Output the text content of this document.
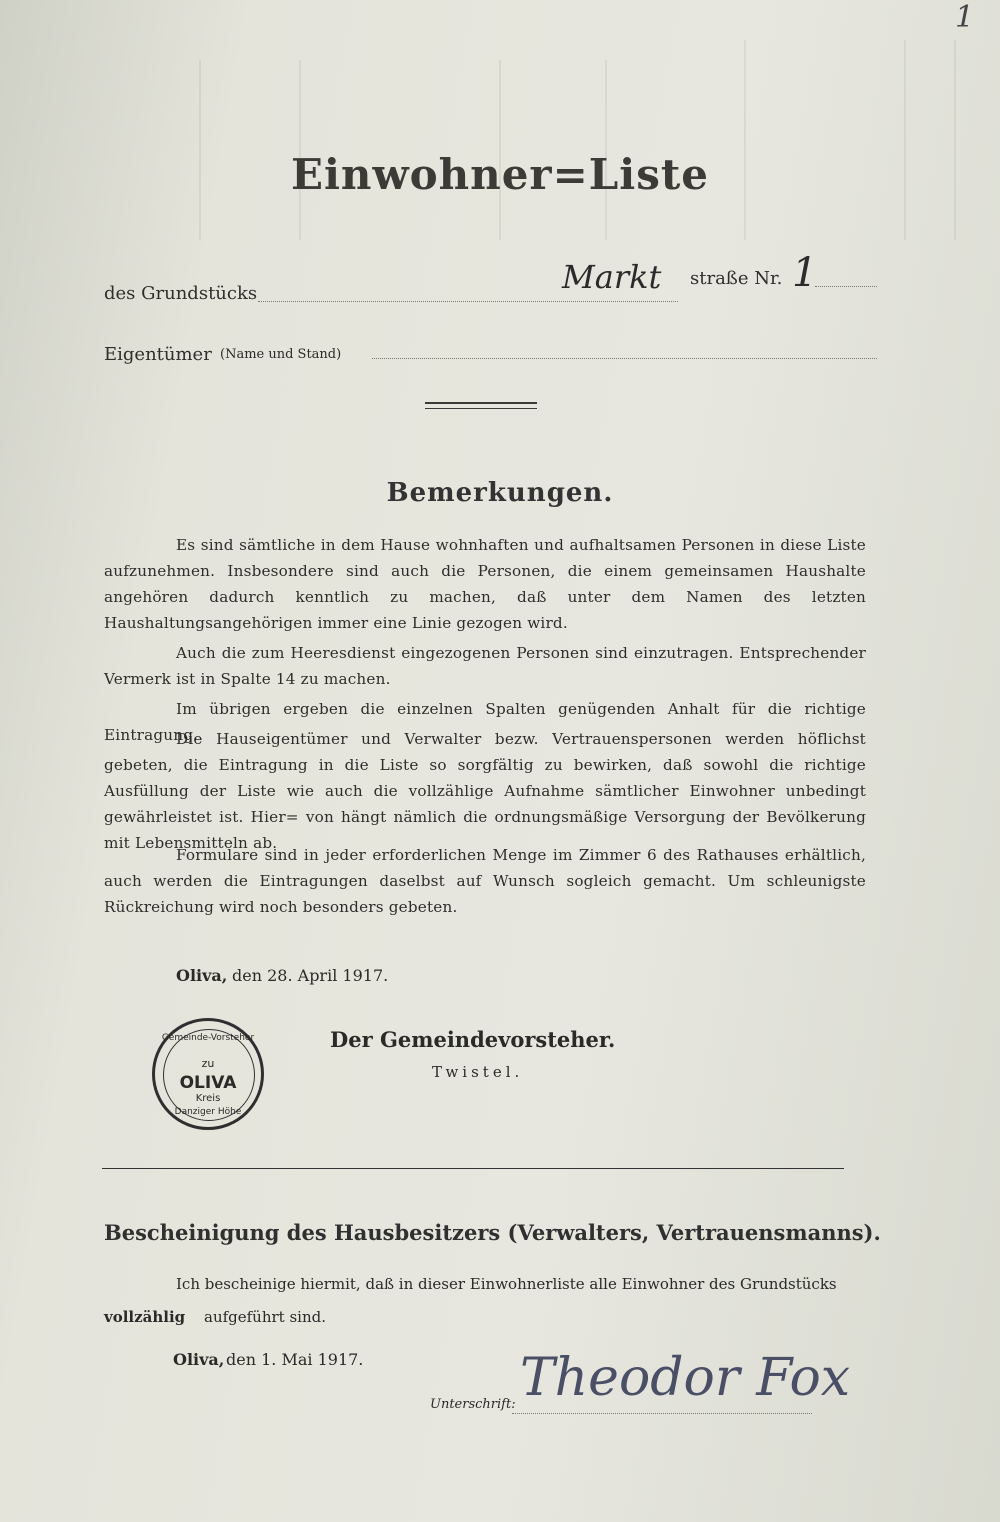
1
Einwohner=Liste
des Grundstücks	Markt straße Nr. 1
Eigentümer (Name und Stand)
Bemerkungen.
Es sind sämtliche in dem Hause wohnhaften und aufhaltsamen Personen in diese Liste aufzunehmen. Insbesondere sind auch die Personen, die einem gemeinsamen Haushalte angehören dadurch kenntlich zu machen, daß unter dem Namen des letzten Haushaltungsangehörigen immer eine Linie gezogen wird.
Auch die zum Heeresdienst eingezogenen Personen sind einzutragen. Entsprechender Vermerk ist in Spalte 14 zu machen.
Im übrigen ergeben die einzelnen Spalten genügenden Anhalt für die richtige Eintragung.
Die Hauseigentümer und Verwalter bezw. Vertrauenspersonen werden höflichst gebeten, die Eintragung in die Liste so sorgfältig zu bewirken, daß sowohl die richtige Ausfüllung der Liste wie auch die vollzählige Aufnahme sämtlicher Einwohner unbedingt gewährleistet ist. Hier= von hängt nämlich die ordnungsmäßige Versorgung der Bevölkerung mit Lebensmitteln ab.
Formulare sind in jeder erforderlichen Menge im Zimmer 6 des Rathauses erhältlich, auch werden die Eintragungen daselbst auf Wunsch sogleich gemacht. Um schleunigste Rückreichung wird noch besonders gebeten.
Oliva, den 28. April 1917.
Gemeinde-Vorsteher
zu
OLIVA
Kreis
Danziger Höhe
Der Gemeindevorsteher.
Twistel.
Bescheinigung des Hausbesitzers (Verwalters, Vertrauensmanns).
Ich bescheinige hiermit, daß in dieser Einwohnerliste alle Einwohner des Grundstücks
vollzählig aufgeführt sind.
Oliva, den 1. Mai 1917.
Unterschrift: Theodor Fox
